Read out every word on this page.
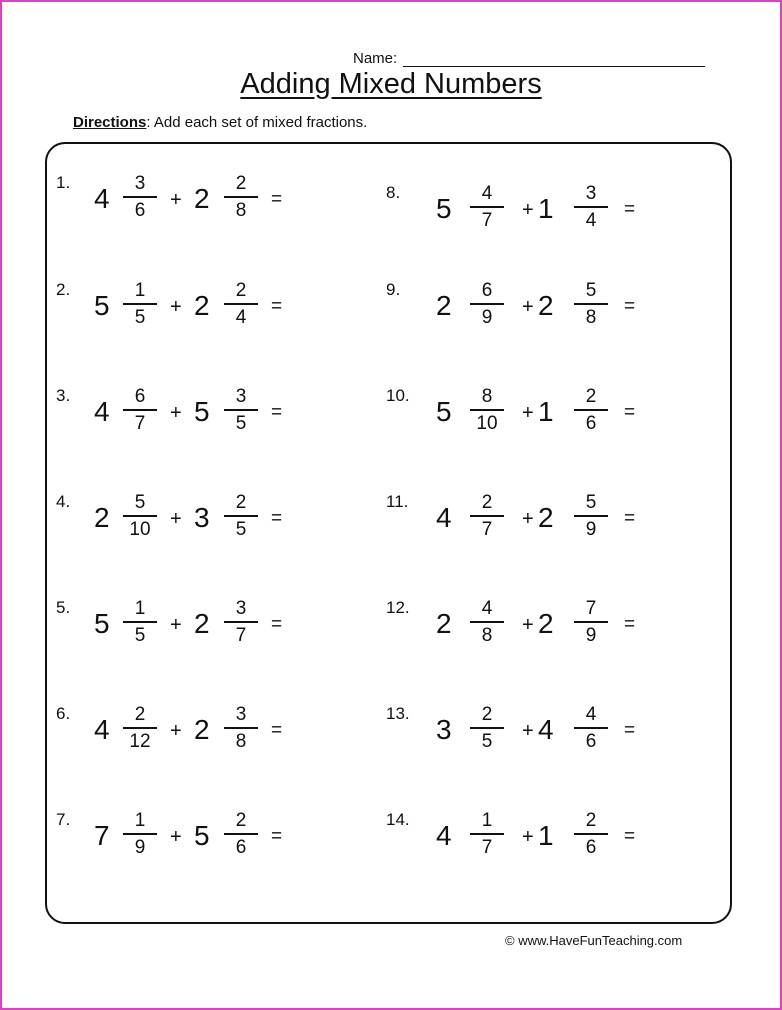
Name:
Adding Mixed Numbers
Directions: Add each set of mixed fractions.
1.
4	3
6	+ 2	2
8
=
2.
5	1
5	+ 2	2
4
=
3.
4	6
7	+ 5	3
5
=
4.
2	5
10 + 3	2
5
=
5.
5	1
5	+ 2	3
7
=
6.
4	2
12 + 2	3
8
=
7.
7	1
9	+ 5	2
6
=
8.
5	4
7	+ 1	3
4
=
9.
2	6
9	+ 2	5
8
=
10.
5	8
10	+ 1	2
6
=
11.
4	2
7	+ 2	5
9
=
12.
2	4
8	+ 2	7
9
=
13.
3	2
5	+ 4	4
6
=
14.
4	1
7	+ 1	2
6
=
© www.HaveFunTeaching.com
